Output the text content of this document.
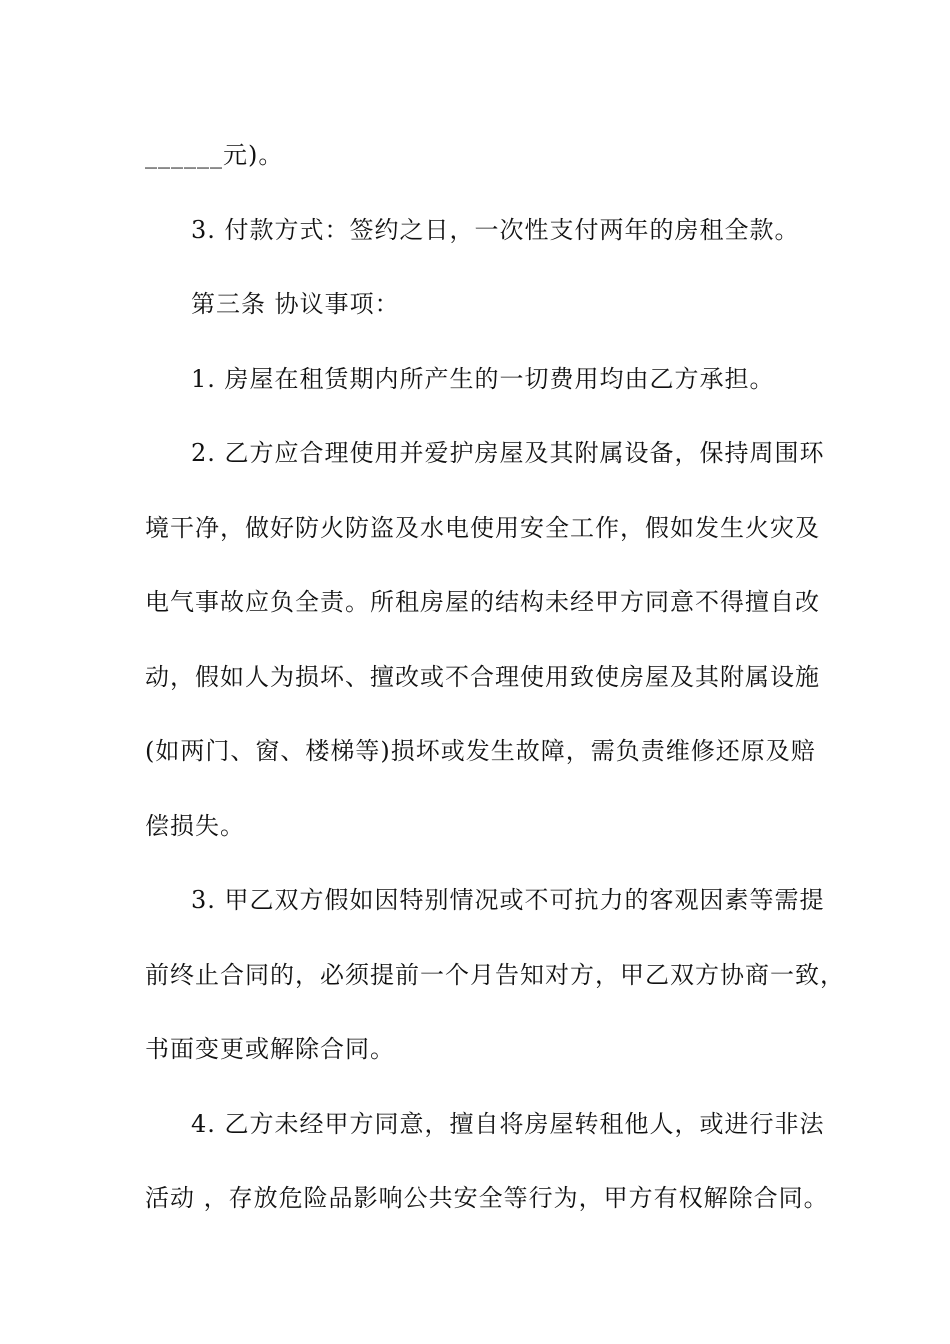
______元)。
3. 付款方式：签约之日，一次性支付两年的房租全款。
第三条 协议事项：
1. 房屋在租赁期内所产生的一切费用均由乙方承担。
2. 乙方应合理使用并爱护房屋及其附属设备，保持周围环
境干净，做好防火防盗及水电使用安全工作，假如发生火灾及
电气事故应负全责。所租房屋的结构未经甲方同意不得擅自改
动，假如人为损坏、擅改或不合理使用致使房屋及其附属设施
(如两门、窗、楼梯等)损坏或发生故障，需负责维修还原及赔
偿损失。
3. 甲乙双方假如因特别情况或不可抗力的客观因素等需提
前终止合同的，必须提前一个月告知对方，甲乙双方协商一致，
书面变更或解除合同。
4. 乙方未经甲方同意，擅自将房屋转租他人，或进行非法
活动 ，存放危险品影响公共安全等行为，甲方有权解除合同。
